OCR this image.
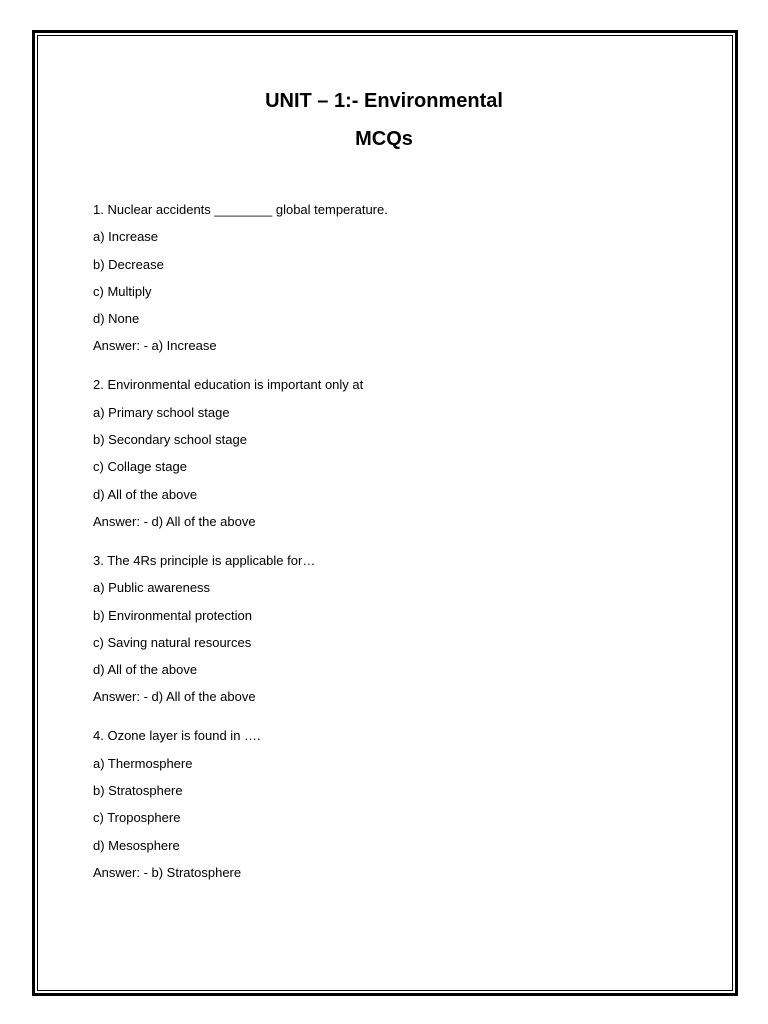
UNIT – 1:- Environmental
MCQs

1. Nuclear accidents ________ global temperature.

a) Increase

b) Decrease

c) Multiply

d) None

Answer: - a) Increase

2. Environmental education is important only at

a) Primary school stage

b) Secondary school stage

c) Collage stage

d) All of the above

Answer: - d) All of the above

3. The 4Rs principle is applicable for…

a) Public awareness

b) Environmental protection

c) Saving natural resources

d) All of the above

Answer: - d) All of the above

4. Ozone layer is found in ….

a) Thermosphere

b) Stratosphere

c) Troposphere

d) Mesosphere

Answer: - b) Stratosphere
